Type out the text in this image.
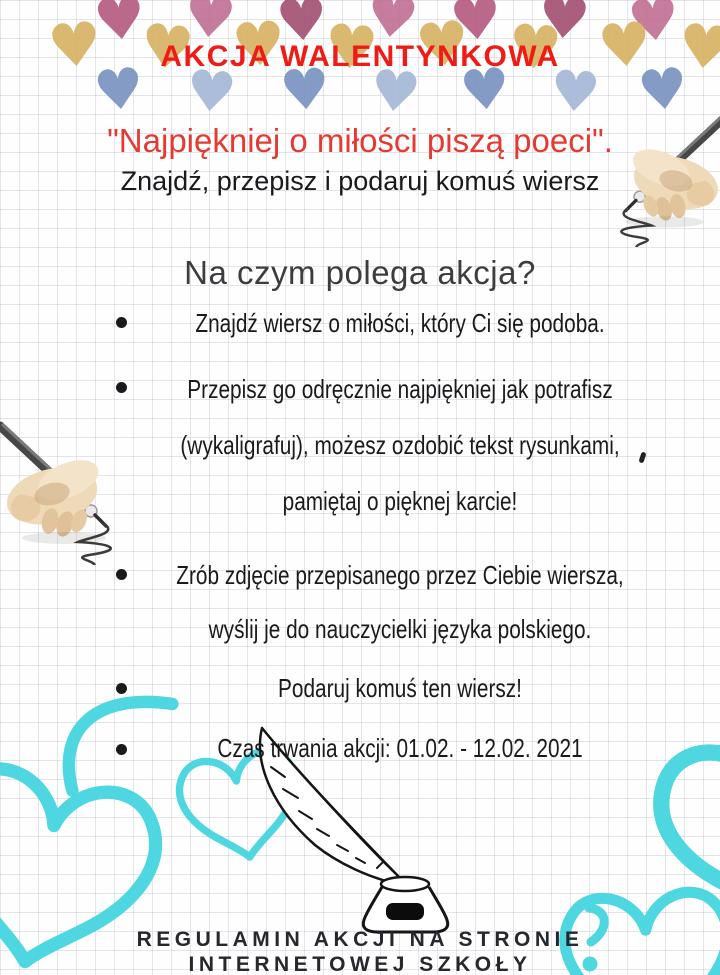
♥
♥
♥
♥
♥
♥
♥
♥
♥
♥
♥
♥
♥
♥
♥
♥
♥
♥
♥
♥
♥
♥
AKCJA WALENTYNKOWA
"Najpiękniej o miłości piszą poeci".
Znajdź, przepisz i podaruj komuś wiersz
Na czym polega akcja?

Znajdź wiersz o miłości, który Ci się podoba.

Przepisz go odręcznie najpiękniej jak potrafisz (wykaligrafuj), możesz ozdobić tekst rysunkami, pamiętaj o pięknej karcie!

Zrób zdjęcie przepisanego przez Ciebie wiersza, wyślij je do nauczycielki języka polskiego.

Podaruj komuś ten wiersz!

Czas trwania akcji: 01.02. - 12.02. 2021

REGULAMIN AKCJI NA STRONIE
INTERNETOWEJ SZKOŁY
